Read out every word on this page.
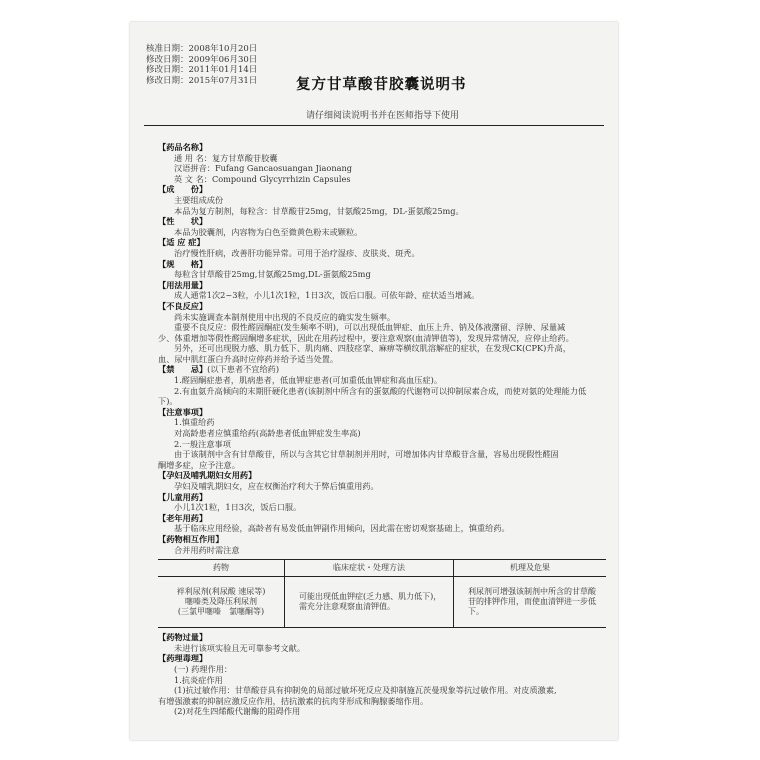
核准日期：2008年10月20日
修改日期：2009年06月30日
修改日期：2011年01月14日
修改日期：2015年07月31日	复方甘草酸苷胶囊说明书
请仔细阅读说明书并在医师指导下使用

【药品名称】

通 用 名：复方甘草酸苷胶囊

汉语拼音：Fufang Gancaosuangan Jiaonang

英 文 名：Compound Glycyrrhizin Capsules

【成　　份】

主要组成成份

本品为复方制剂，每粒含：甘草酸苷25mg，甘氨酸25mg，DL-蛋氨酸25mg。

【性　　状】

本品为胶囊剂，内容物为白色至微黄色粉末或颗粒。

【适 应 症】

治疗慢性肝病，改善肝功能异常。可用于治疗湿疹、皮肤炎、斑秃。

【规　　格】

每粒含甘草酸苷25mg,甘氨酸25mg,DL-蛋氨酸25mg

【用法用量】

成人通常1次2~3粒，小儿1次1粒，1日3次，饭后口服。可依年龄、症状适当增减。

【不良反应】

尚未实施调查本制剂使用中出现的不良反应的确实发生频率。

重要不良反应：假性醛固酮症(发生频率不明)，可以出现低血钾症、血压上升、钠及体液潴留、浮肿、尿量减

少、体重增加等假性醛固酮增多症状，因此在用药过程中，要注意观察(血清钾值等)，发现异常情况，应停止给药。

另外，还可出现脱力感、肌力低下、肌肉痛、四肢痉挛、麻痹等横纹肌溶解症的症状，在发现CK(CPK)升高，

血、尿中肌红蛋白升高时应停药并给予适当处置。

【禁　　忌】(以下患者不宜给药)

1.醛固酮症患者，肌病患者，低血钾症患者(可加重低血钾症和高血压症)。

2.有血氨升高倾向的末期肝硬化患者(该制剂中所含有的蛋氨酸的代谢物可以抑制尿素合成，而使对氨的处理能力低

下)。

【注意事项】

1.慎重给药

对高龄患者应慎重给药(高龄患者低血钾症发生率高)

2.一般注意事项

由于该制剂中含有甘草酸苷，所以与含其它甘草制剂并用时，可增加体内甘草酸苷含量，容易出现假性醛固

酮增多症，应予注意。

【孕妇及哺乳期妇女用药】

孕妇及哺乳期妇女，应在权衡治疗利大于弊后慎重用药。

【儿童用药】

小儿1次1粒，1日3次，饭后口服。

【老年用药】

基于临床应用经验，高龄者有易发低血钾副作用倾向，因此需在密切观察基础上，慎重给药。

【药物相互作用】

合并用药时需注意

药物	临床症状・处理方法	机理及危果
袢利尿剂(利尿酸 速尿等)
噻嗪类及降压利尿剂
(三氯甲噻嗪　氯噻酮等)	可能出现低血钾症(乏力感、肌力低下)，需充分注意观察血清钾值。	利尿剂可增强该制剂中所含的甘草酸苷的排钾作用，而使血清钾进一步低下。

【药物过量】

未进行该项实验且无可靠参考文献。

【药理毒理】

(一) 药理作用：

1.抗炎症作用

(1)抗过敏作用：甘草酸苷具有抑制免的局部过敏坏死反应及抑制施瓦茨曼现象等抗过敏作用。对皮质激素,

有增强激素的抑制应激反应作用，拮抗激素的抗肉芽形成和胸腺萎缩作用。

(2)对花生四烯酸代谢酶的阻碍作用
